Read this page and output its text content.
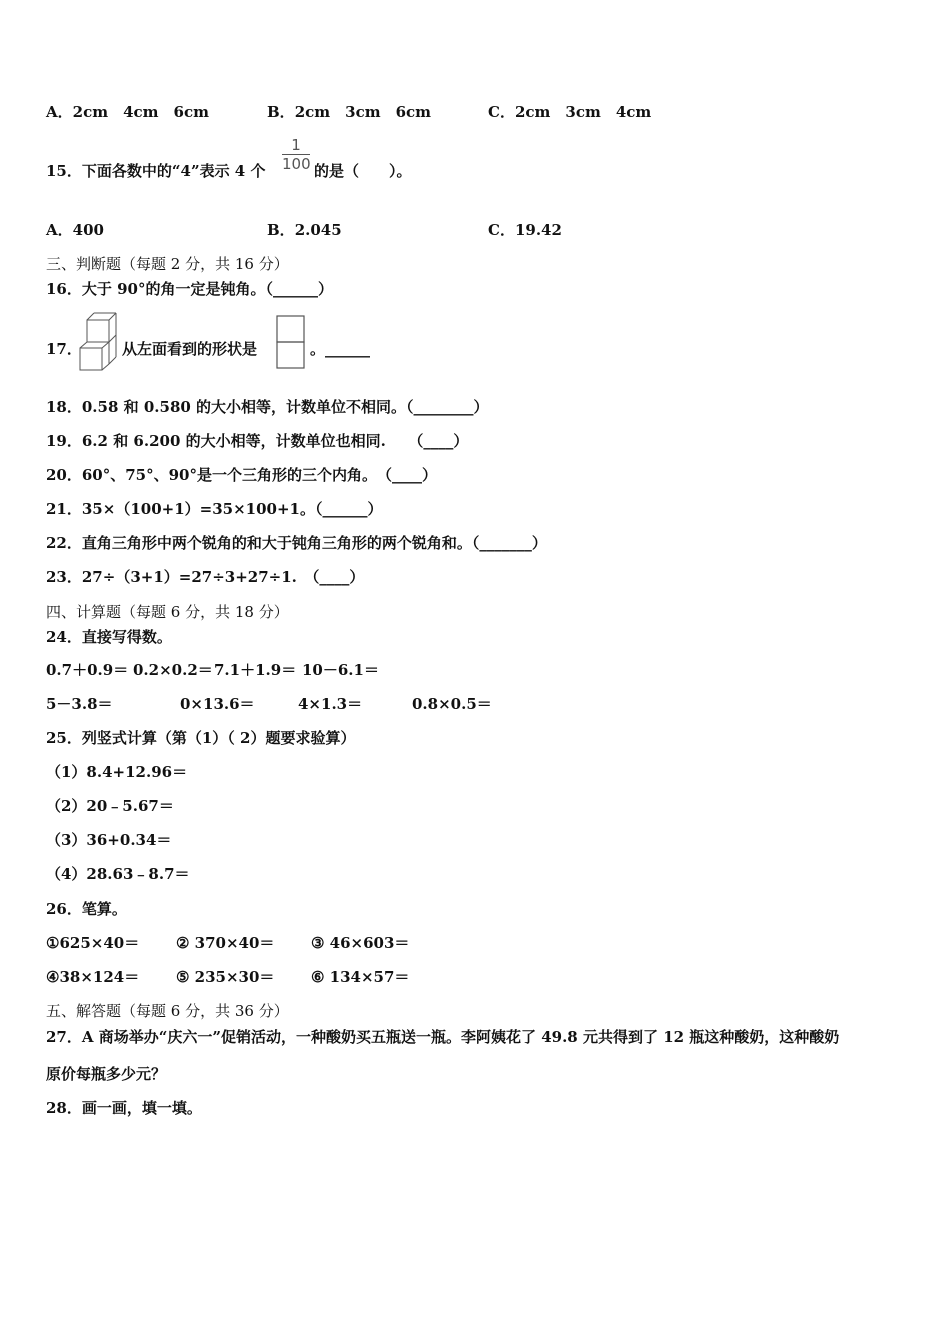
A．2cm　4cm　6cm	B．2cm　3cm　6cm	C．2cm　3cm　4cm
15．下面各数中的“4”表示 4 个 $\frac{1}{100}$ 的是（　　）。
A．400	B．2.045	C．19.42
三、判断题（每题 2 分，共 16 分）
16．大于 90°的角一定是钝角。（______）
17．	从左面看到的形状是	。______
18．0.58 和 0.580 的大小相等，计数单位不相同。（________）
19．6.2 和 6.200 的大小相等，计数单位也相同.　　（____）
20．60°、75°、90°是一个三角形的三个内角。　（____）
21．35×（100+1）=35×100+1。（______）
22．直角三角形中两个锐角的和大于钝角三角形的两个锐角和。（_______）
23．27÷（3+1）=27÷3+27÷1.　（____）
四、计算题（每题 6 分，共 18 分）
24．直接写得数。
0.7＋0.9＝ 0.2×0.2＝ 7.1＋1.9＝ 10－6.1＝
5－3.8＝	0×13.6＝	4×1.3＝	0.8×0.5＝
25．列竖式计算（第（1）（ 2）题要求验算）
（1）8.4+12.96＝
（2）20﹣5.67＝
（3）36+0.34＝
（4）28.63﹣8.7＝
26．笔算。
①625×40＝ ② 370×40＝ ③ 46×603＝
④38×124＝ ⑤ 235×30＝ ⑥ 134×57＝
五、解答题（每题 6 分，共 36 分）
27．A 商场举办“庆六一”促销活动，一种酸奶买五瓶送一瓶。李阿姨花了 49.8 元共得到了 12 瓶这种酸奶，这种酸奶
原价每瓶多少元？
28．画一画，填一填。
